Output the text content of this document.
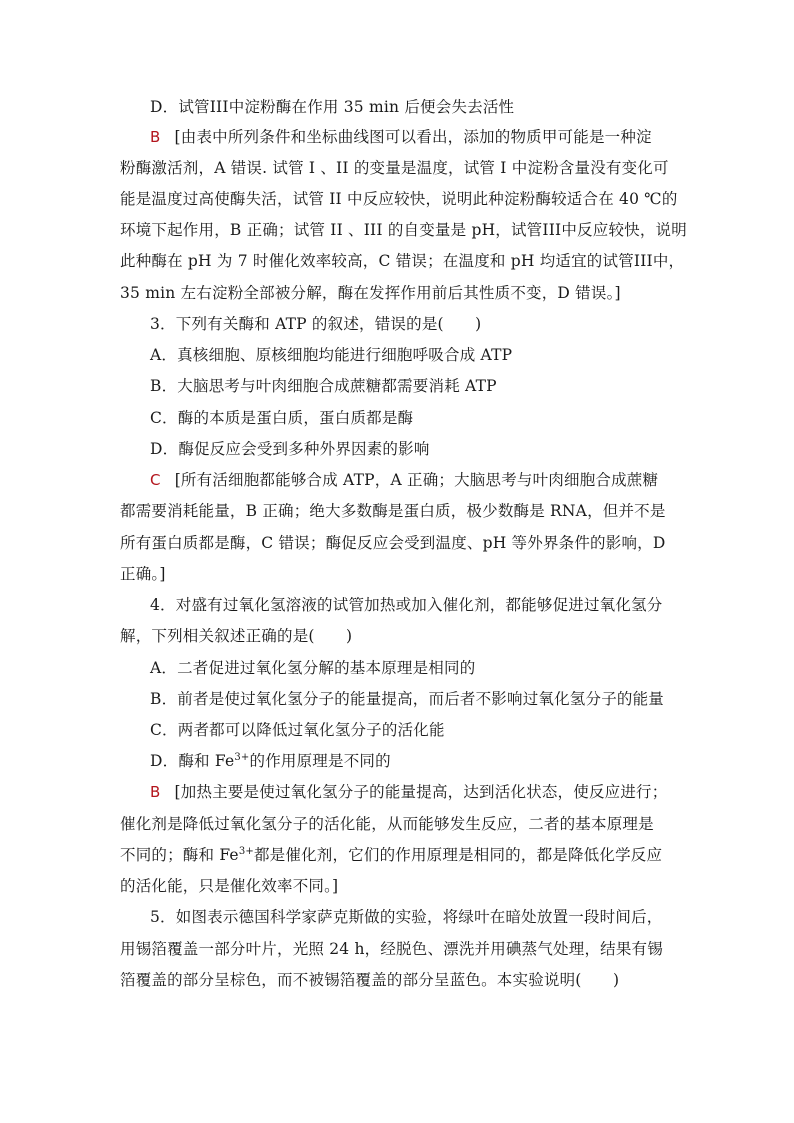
D．试管III中淀粉酶在作用 35 min 后便会失去活性
B [由表中所列条件和坐标曲线图可以看出，添加的物质甲可能是一种淀
粉酶激活剂，A 错误. 试管 I 、II 的变量是温度，试管 I 中淀粉含量没有变化可
能是温度过高使酶失活，试管 II 中反应较快，说明此种淀粉酶较适合在 40 ℃的
环境下起作用，B 正确；试管 II 、III 的自变量是 pH，试管III中反应较快，说明
此种酶在 pH 为 7 时催化效率较高，C 错误；在温度和 pH 均适宜的试管III中，
35 min 左右淀粉全部被分解，酶在发挥作用前后其性质不变，D 错误。]
3．下列有关酶和 ATP 的叙述，错误的是(　　)
A．真核细胞、原核细胞均能进行细胞呼吸合成 ATP
B．大脑思考与叶肉细胞合成蔗糖都需要消耗 ATP
C．酶的本质是蛋白质，蛋白质都是酶
D．酶促反应会受到多种外界因素的影响
C [所有活细胞都能够合成 ATP，A 正确；大脑思考与叶肉细胞合成蔗糖
都需要消耗能量，B 正确；绝大多数酶是蛋白质，极少数酶是 RNA，但并不是
所有蛋白质都是酶，C 错误；酶促反应会受到温度、pH 等外界条件的影响，D
正确。]
4．对盛有过氧化氢溶液的试管加热或加入催化剂，都能够促进过氧化氢分
解，下列相关叙述正确的是(　　)
A．二者促进过氧化氢分解的基本原理是相同的
B．前者是使过氧化氢分子的能量提高，而后者不影响过氧化氢分子的能量
C．两者都可以降低过氧化氢分子的活化能
D．酶和 $Fe^{3+}$的作用原理是不同的
B [加热主要是使过氧化氢分子的能量提高，达到活化状态，使反应进行；
催化剂是降低过氧化氢分子的活化能，从而能够发生反应，二者的基本原理是
不同的；酶和 $Fe^{3+}$都是催化剂，它们的作用原理是相同的，都是降低化学反应
的活化能，只是催化效率不同。]
5．如图表示德国科学家萨克斯做的实验，将绿叶在暗处放置一段时间后，
用锡箔覆盖一部分叶片，光照 24 h，经脱色、漂洗并用碘蒸气处理，结果有锡
箔覆盖的部分呈棕色，而不被锡箔覆盖的部分呈蓝色。本实验说明(　　)
